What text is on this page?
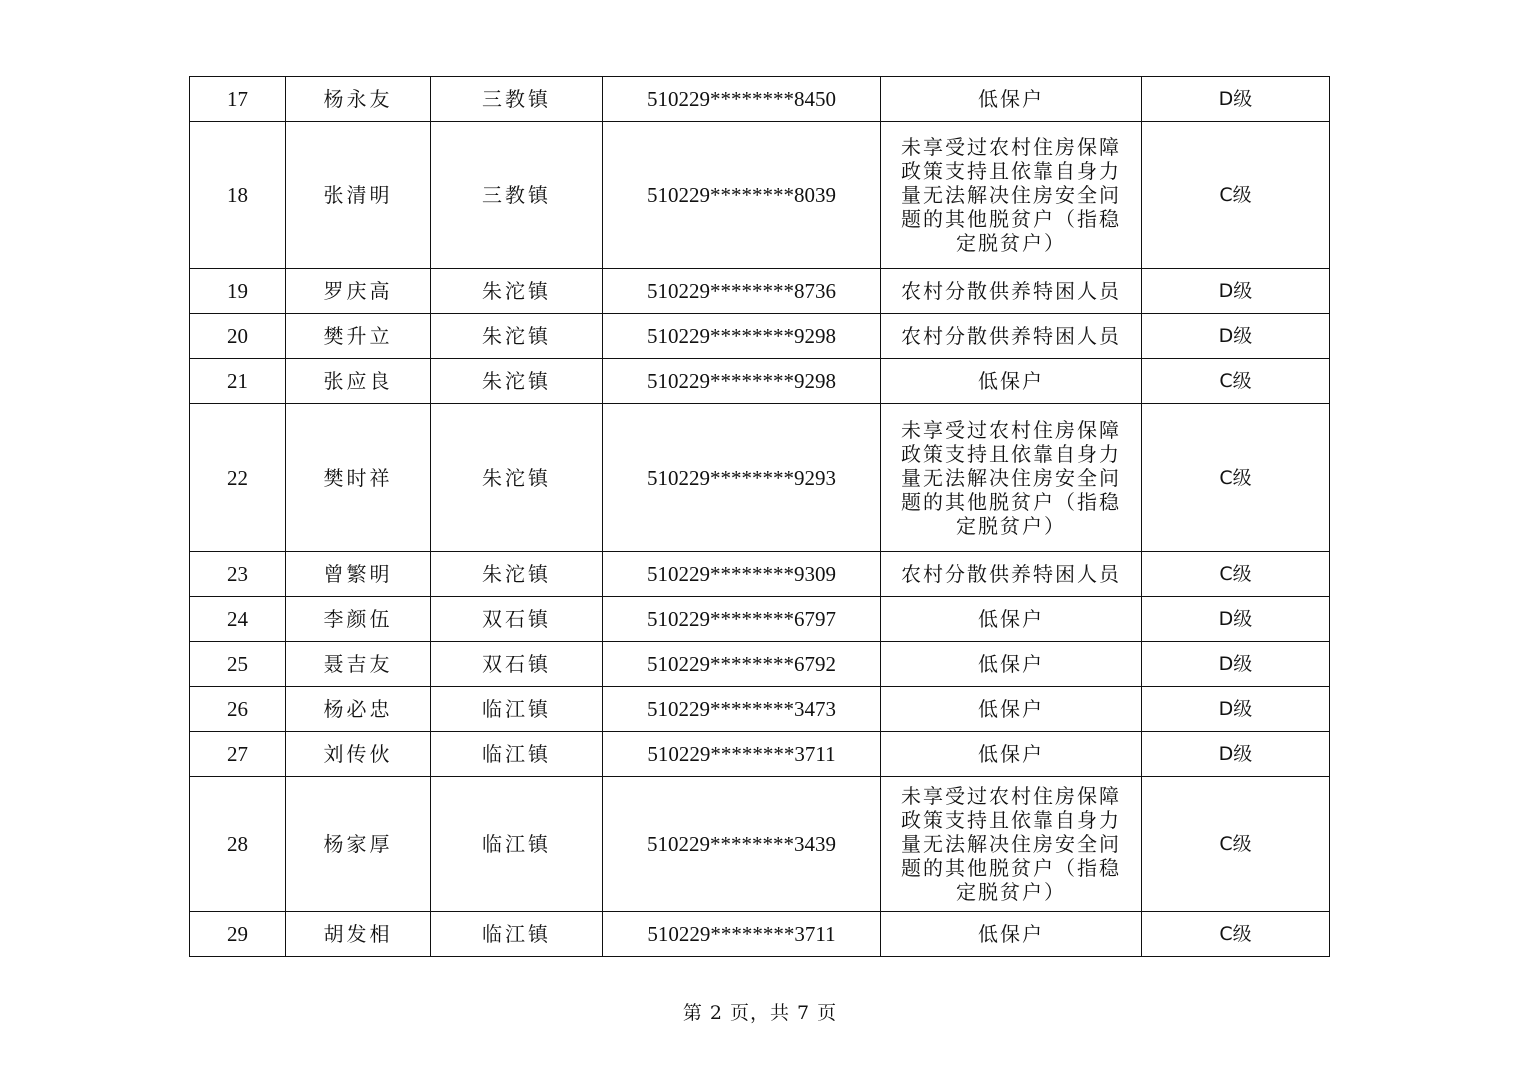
17	杨永友	三教镇	510229********8450	低保户	D级
18	张清明	三教镇	510229********8039	未享受过农村住房保障政策支持且依靠自身力量无法解决住房安全问题的其他脱贫户（指稳定脱贫户）	C级
19	罗庆高	朱沱镇	510229********8736	农村分散供养特困人员	D级
20	樊升立	朱沱镇	510229********9298	农村分散供养特困人员	D级
21	张应良	朱沱镇	510229********9298	低保户	C级
22	樊时祥	朱沱镇	510229********9293	未享受过农村住房保障政策支持且依靠自身力量无法解决住房安全问题的其他脱贫户（指稳定脱贫户）	C级
23	曾繁明	朱沱镇	510229********9309	农村分散供养特困人员	C级
24	李颜伍	双石镇	510229********6797	低保户	D级
25	聂吉友	双石镇	510229********6792	低保户	D级
26	杨必忠	临江镇	510229********3473	低保户	D级
27	刘传伙	临江镇	510229********3711	低保户	D级
28	杨家厚	临江镇	510229********3439	未享受过农村住房保障政策支持且依靠自身力量无法解决住房安全问题的其他脱贫户（指稳定脱贫户）	C级
29	胡发相	临江镇	510229********3711	低保户	C级
第 2 页，共 7 页
